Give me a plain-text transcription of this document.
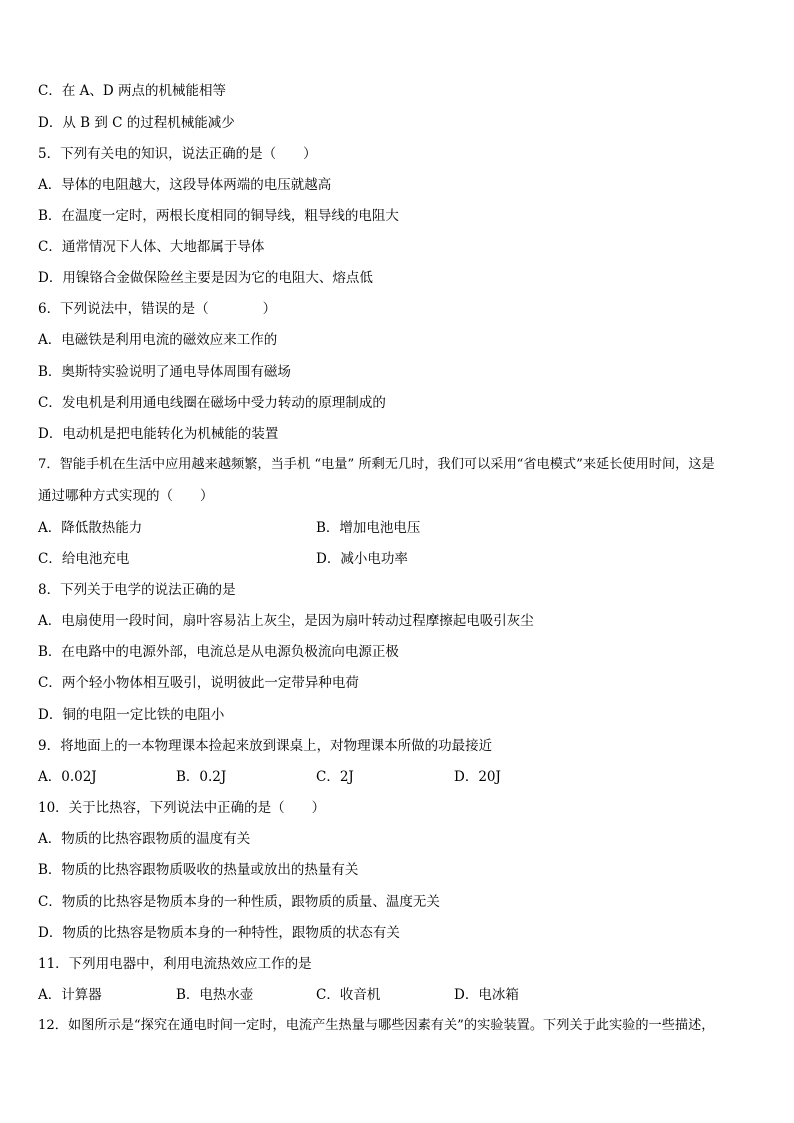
C．在 A、D 两点的机械能相等
D．从 B 到 C 的过程机械能减少
5．下列有关电的知识，说法正确的是（　　）
A．导体的电阻越大，这段导体两端的电压就越高
B．在温度一定时，两根长度相同的铜导线，粗导线的电阻大
C．通常情况下人体、大地都属于导体
D．用镍铬合金做保险丝主要是因为它的电阻大、熔点低
6．下列说法中，错误的是（　　　　）
A．电磁铁是利用电流的磁效应来工作的
B．奥斯特实验说明了通电导体周围有磁场
C．发电机是利用通电线圈在磁场中受力转动的原理制成的
D．电动机是把电能转化为机械能的装置
7．智能手机在生活中应用越来越频繁，当手机 “电量” 所剩无几时，我们可以采用“省电模式”来延长使用时间，这是
通过哪种方式实现的（　　）
A．降低散热能力	B．增加电池电压
C．给电池充电	D．减小电功率
8．下列关于电学的说法正确的是
A．电扇使用一段时间，扇叶容易沾上灰尘，是因为扇叶转动过程摩擦起电吸引灰尘
B．在电路中的电源外部，电流总是从电源负极流向电源正极
C．两个轻小物体相互吸引，说明彼此一定带异种电荷
D．铜的电阻一定比铁的电阻小
9．将地面上的一本物理课本捡起来放到课桌上，对物理课本所做的功最接近
A．0.02J	B．0.2J	C．2J	D．20J
10．关于比热容，下列说法中正确的是（　　）
A．物质的比热容跟物质的温度有关
B．物质的比热容跟物质吸收的热量或放出的热量有关
C．物质的比热容是物质本身的一种性质，跟物质的质量、温度无关
D．物质的比热容是物质本身的一种特性，跟物质的状态有关
11．下列用电器中，利用电流热效应工作的是
A．计算器	B．电热水壶	C．收音机	D．电冰箱
12．如图所示是“探究在通电时间一定时，电流产生热量与哪些因素有关”的实验装置。下列关于此实验的一些描述，
